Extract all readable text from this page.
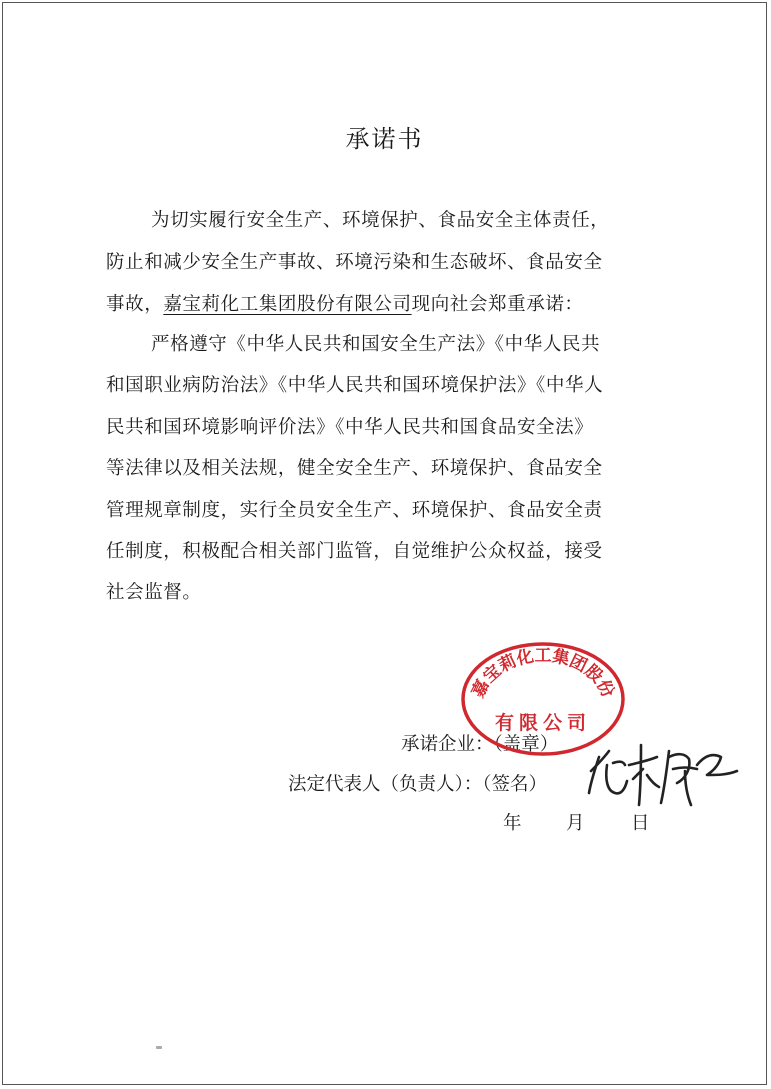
承诺书
为切实履行安全生产、环境保护、食品安全主体责任，
防止和减少安全生产事故、环境污染和生态破坏、食品安全
事故，嘉宝莉化工集团股份有限公司现向社会郑重承诺：
严格遵守《中华人民共和国安全生产法》《中华人民共
和国职业病防治法》《中华人民共和国环境保护法》《中华人
民共和国环境影响评价法》《中华人民共和国食品安全法》
等法律以及相关法规，健全安全生产、环境保护、食品安全
管理规章制度，实行全员安全生产、环境保护、食品安全责
任制度，积极配合相关部门监管，自觉维护公众权益，接受
社会监督。
承诺企业：（盖章）
法定代表人（负责人）：（签名）
年 月	日
嘉宝莉化工集团股份
有限公司
